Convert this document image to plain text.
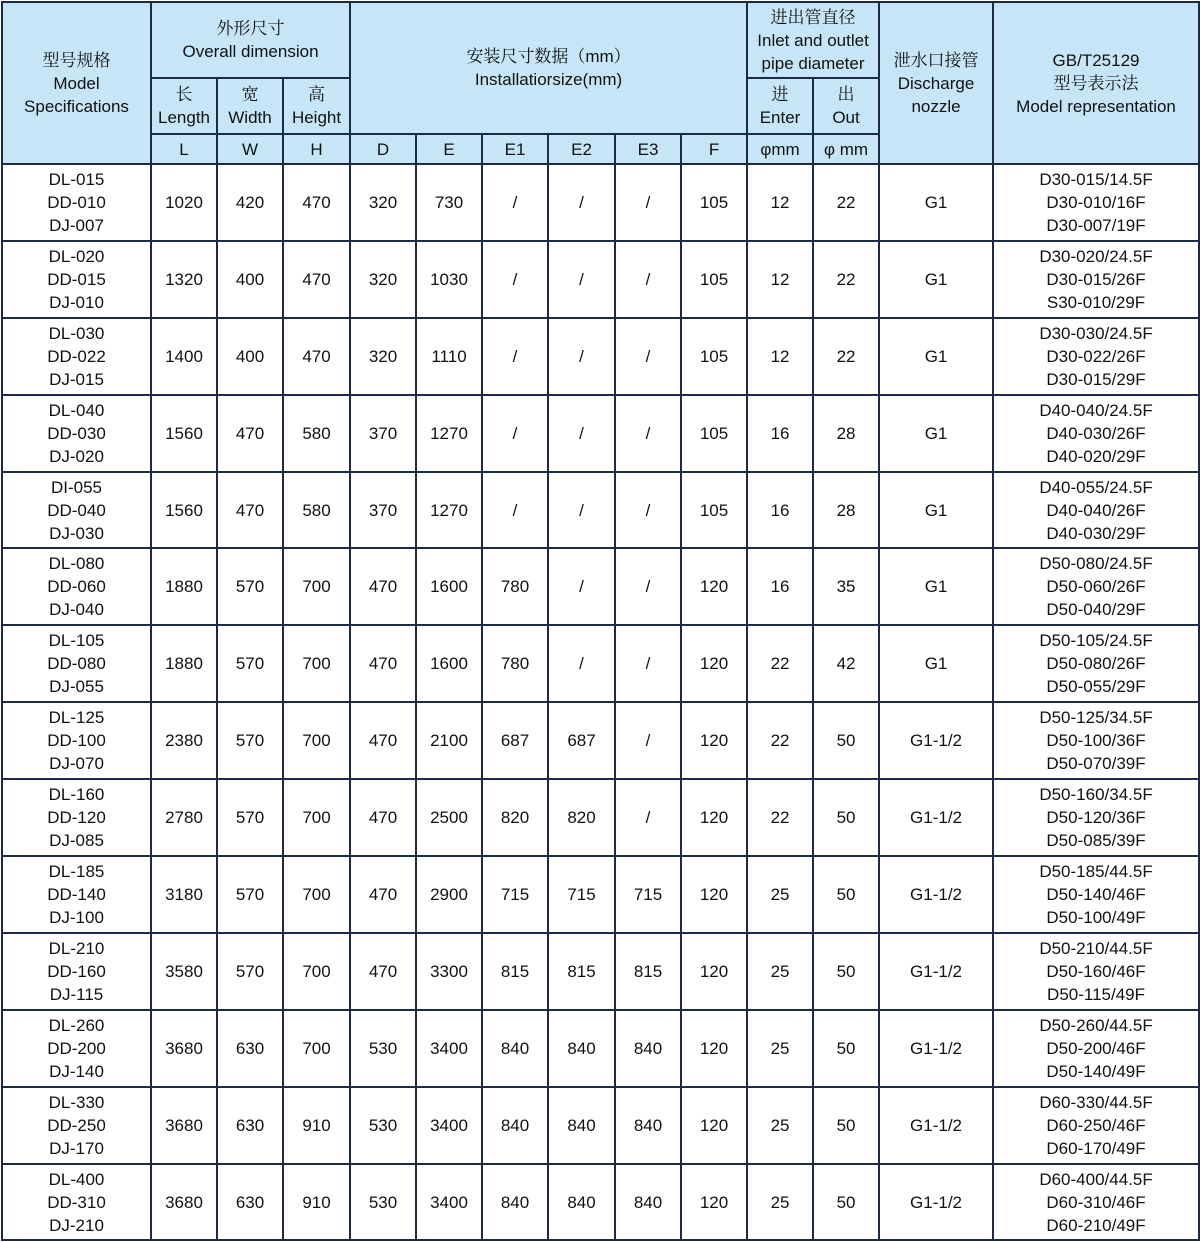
型号规格
Model
Specifications	外形尺寸
Overall dimension			安装尺寸数据（mm）
Installatiorsize(mm)						进出管直径
Inlet and outlet
pipe diameter		泄水口接管
Discharge
nozzle	GB/T25129
型号表示法
Model representation

	长
Length	宽
Width	高
Height							进
Enter	出
Out		

	L	W	H	D	E	E1	E2	E3	F	φmm	φ mm		

DL-015
DD-010
DJ-007	1020	420	470	320	730	/	/	/	105	12	22	G1	D30-015/14.5F
D30-010/16F
D30-007/19F

DL-020
DD-015
DJ-010	1320	400	470	320	1030	/	/	/	105	12	22	G1	D30-020/24.5F
D30-015/26F
S30-010/29F

DL-030
DD-022
DJ-015	1400	400	470	320	1110	/	/	/	105	12	22	G1	D30-030/24.5F
D30-022/26F
D30-015/29F

DL-040
DD-030
DJ-020	1560	470	580	370	1270	/	/	/	105	16	28	G1	D40-040/24.5F
D40-030/26F
D40-020/29F

DI-055
DD-040
DJ-030	1560	470	580	370	1270	/	/	/	105	16	28	G1	D40-055/24.5F
D40-040/26F
D40-030/29F

DL-080
DD-060
DJ-040	1880	570	700	470	1600	780	/	/	120	16	35	G1	D50-080/24.5F
D50-060/26F
D50-040/29F

DL-105
DD-080
DJ-055	1880	570	700	470	1600	780	/	/	120	22	42	G1	D50-105/24.5F
D50-080/26F
D50-055/29F

DL-125
DD-100
DJ-070	2380	570	700	470	2100	687	687	/	120	22	50	G1-1/2	D50-125/34.5F
D50-100/36F
D50-070/39F

DL-160
DD-120
DJ-085	2780	570	700	470	2500	820	820	/	120	22	50	G1-1/2	D50-160/34.5F
D50-120/36F
D50-085/39F

DL-185
DD-140
DJ-100	3180	570	700	470	2900	715	715	715	120	25	50	G1-1/2	D50-185/44.5F
D50-140/46F
D50-100/49F

DL-210
DD-160
DJ-115	3580	570	700	470	3300	815	815	815	120	25	50	G1-1/2	D50-210/44.5F
D50-160/46F
D50-115/49F

DL-260
DD-200
DJ-140	3680	630	700	530	3400	840	840	840	120	25	50	G1-1/2	D50-260/44.5F
D50-200/46F
D50-140/49F

DL-330
DD-250
DJ-170	3680	630	910	530	3400	840	840	840	120	25	50	G1-1/2	D60-330/44.5F
D60-250/46F
D60-170/49F

DL-400
DD-310
DJ-210	3680	630	910	530	3400	840	840	840	120	25	50	G1-1/2	D60-400/44.5F
D60-310/46F
D60-210/49F
